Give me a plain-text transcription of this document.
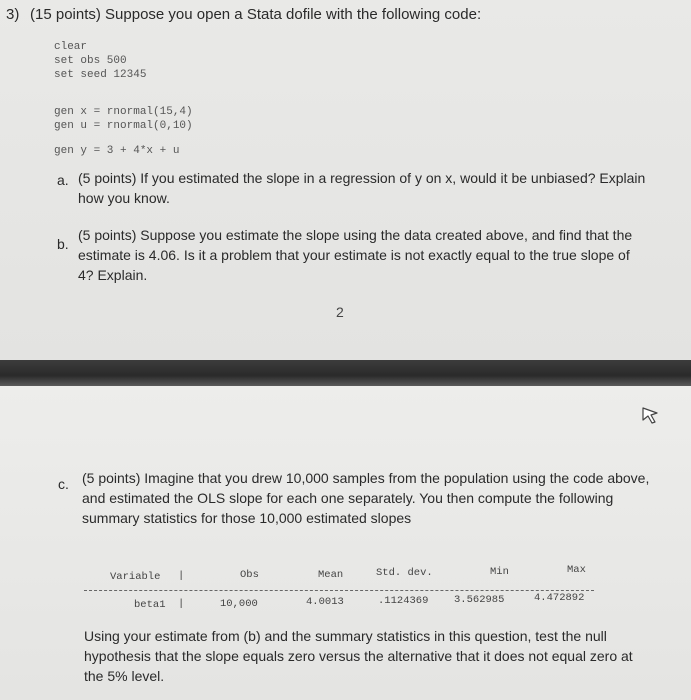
3) (15 points) Suppose you open a Stata dofile with the following code:

clear

set obs 500

set seed 12345

gen x = rnormal(15,4)

gen u = rnormal(0,10)

gen y = 3 + 4*x + u

a. (5 points) If you estimated the slope in a regression of y on x, would it be unbiased? Explain
how you know.

b.

(5 points) Suppose you estimate the slope using the data created above, and find that the
estimate is 4.06. Is it a problem that your estimate is not exactly equal to the true slope of
4? Explain.

2

c. (5 points) Imagine that you drew 10,000 samples from the population using the code above,
and estimated the OLS slope for each one separately. You then compute the following
summary statistics for those 10,000 estimated slopes
Variable |	Obs	Mean	Std. dev.	Min	Max
beta1 |	10,000	4.0013	.1124369 3.562985	4.472892
Using your estimate from (b) and the summary statistics in this question, test the null
hypothesis that the slope equals zero versus the alternative that it does not equal zero at
the 5% level.
